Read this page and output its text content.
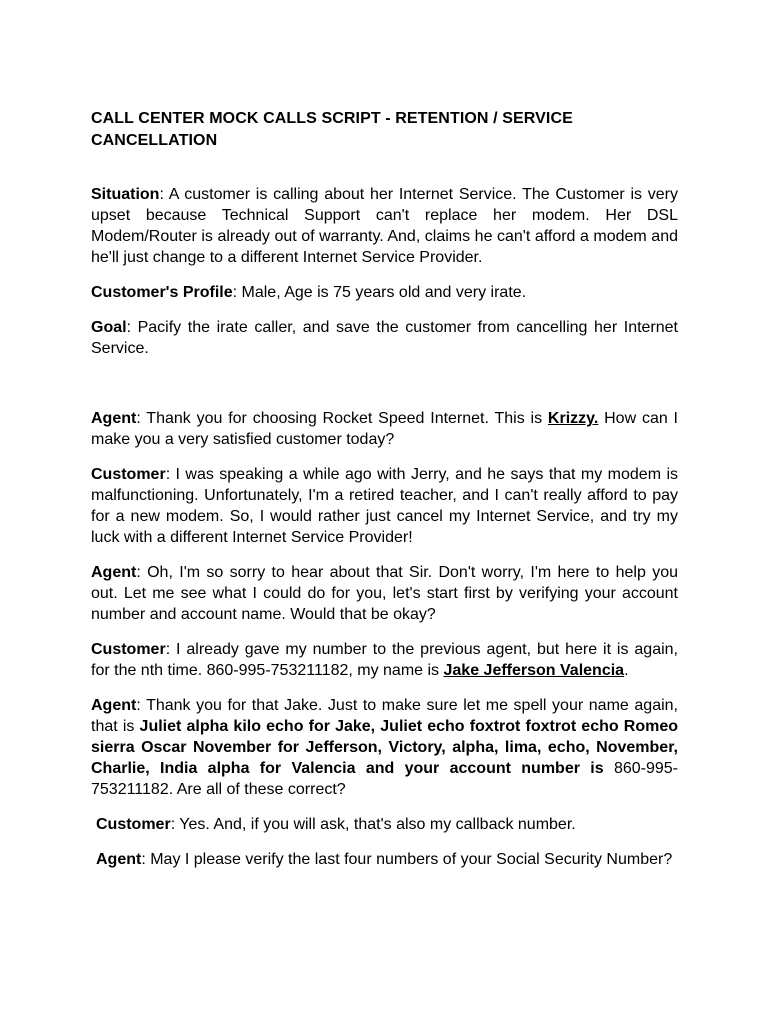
CALL CENTER MOCK CALLS SCRIPT - RETENTION / SERVICE CANCELLATION

Situation: A customer is calling about her Internet Service. The Customer is very upset because Technical Support can't replace her modem. Her DSL Modem/Router is already out of warranty. And, claims he can't afford a modem and he'll just change to a different Internet Service Provider.

Customer's Profile: Male, Age is 75 years old and very irate.

Goal: Pacify the irate caller, and save the customer from cancelling her Internet Service.

Agent: Thank you for choosing Rocket Speed Internet. This is Krizzy. How can I make you a very satisfied customer today?

Customer: I was speaking a while ago with Jerry, and he says that my modem is malfunctioning. Unfortunately, I'm a retired teacher, and I can't really afford to pay for a new modem. So, I would rather just cancel my Internet Service, and try my luck with a different Internet Service Provider!

Agent: Oh, I'm so sorry to hear about that Sir. Don't worry, I'm here to help you out. Let me see what I could do for you, let's start first by verifying your account number and account name. Would that be okay?

Customer: I already gave my number to the previous agent, but here it is again, for the nth time. 860-995-753211182, my name is Jake Jefferson Valencia.

Agent: Thank you for that Jake. Just to make sure let me spell your name again, that is Juliet alpha kilo echo for Jake, Juliet echo foxtrot foxtrot echo Romeo sierra Oscar November for Jefferson, Victory, alpha, lima, echo, November, Charlie, India alpha for Valencia and your account number is 860-995-753211182. Are all of these correct?

Customer: Yes. And, if you will ask, that's also my callback number.

Agent: May I please verify the last four numbers of your Social Security Number?
